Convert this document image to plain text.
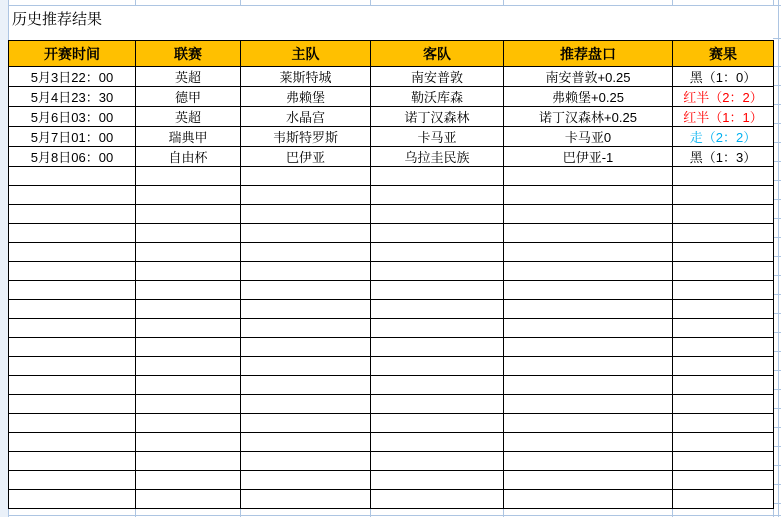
历史推荐结果
开赛时间	联赛	主队	客队	推荐盘口	赛果
5月3日22：00	英超	莱斯特城	南安普敦	南安普敦+0.25	黑（1：0）
5月4日23：30	德甲	弗赖堡	勒沃库森	弗赖堡+0.25	红半（2：2）
5月6日03：00	英超	水晶宫	诺丁汉森林	诺丁汉森林+0.25	红半（1：1）
5月7日01：00	瑞典甲	韦斯特罗斯	卡马亚	卡马亚0	走（2：2）
5月8日06：00	自由杯	巴伊亚	乌拉圭民族	巴伊亚-1	黑（1：3）
